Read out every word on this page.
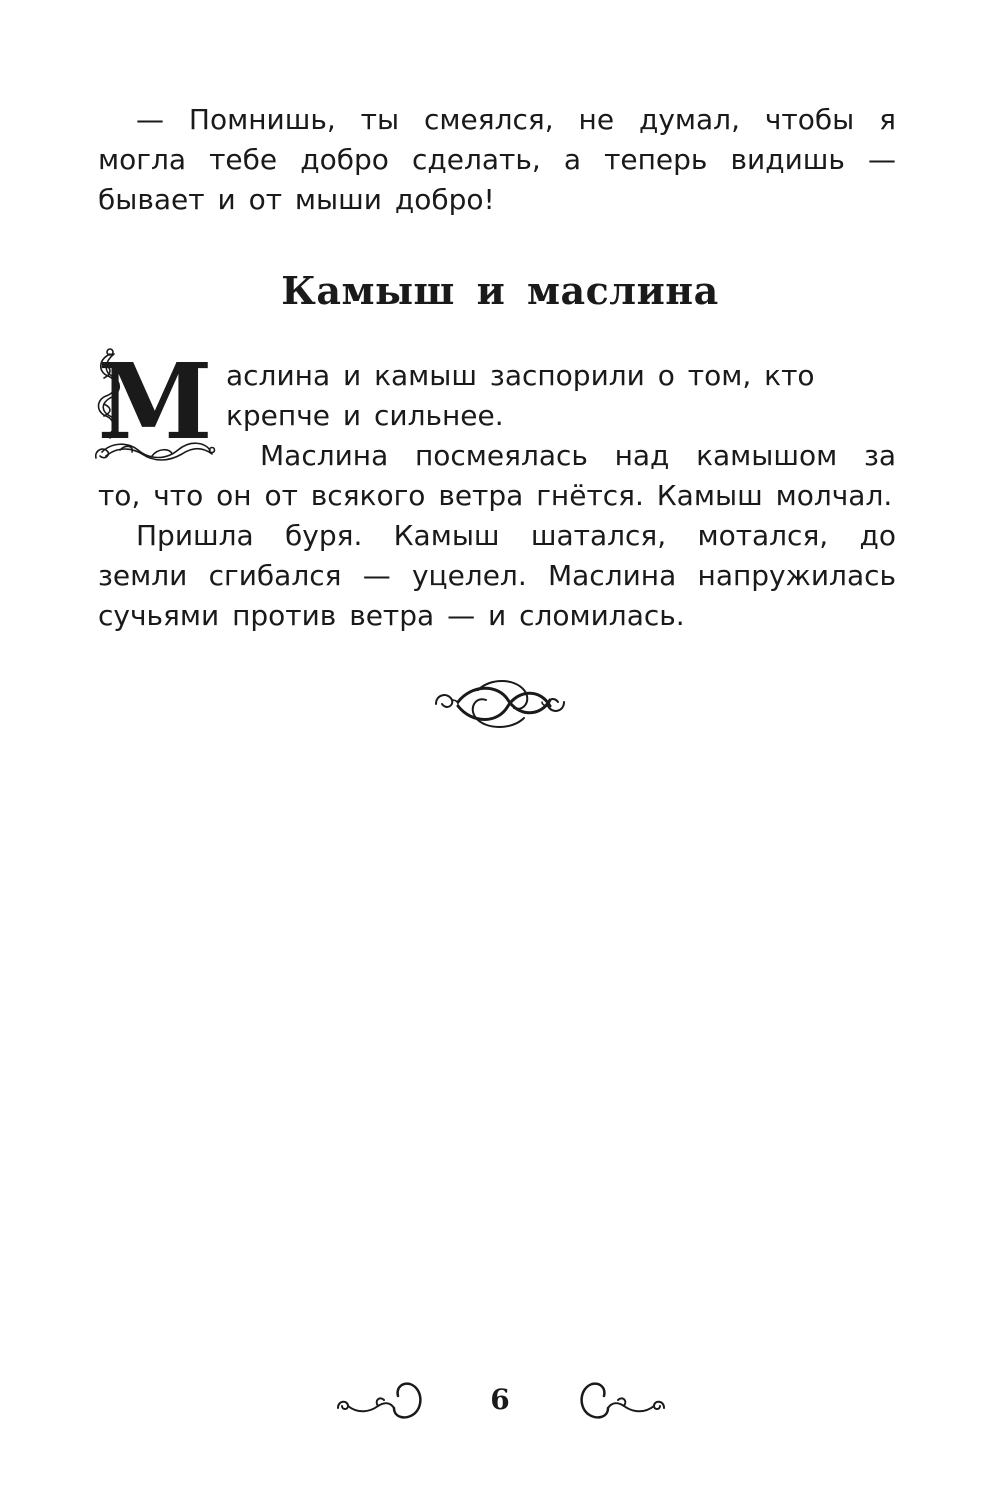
— Помнишь, ты смеялся, не думал, чтобы я могла тебе добро сделать, а теперь видишь — бывает и от мыши добро!

Камыш и маслина
М аслина и камыш заспорили о том, кто

крепче и сильнее.

Маслина посмеялась над камышом за то, что он от всякого ветра гнётся. Камыш молчал.

Пришла буря. Камыш шатался, мотался, до земли сгибался — уцелел. Маслина напружилась сучьями против ветра — и сломилась.

6
